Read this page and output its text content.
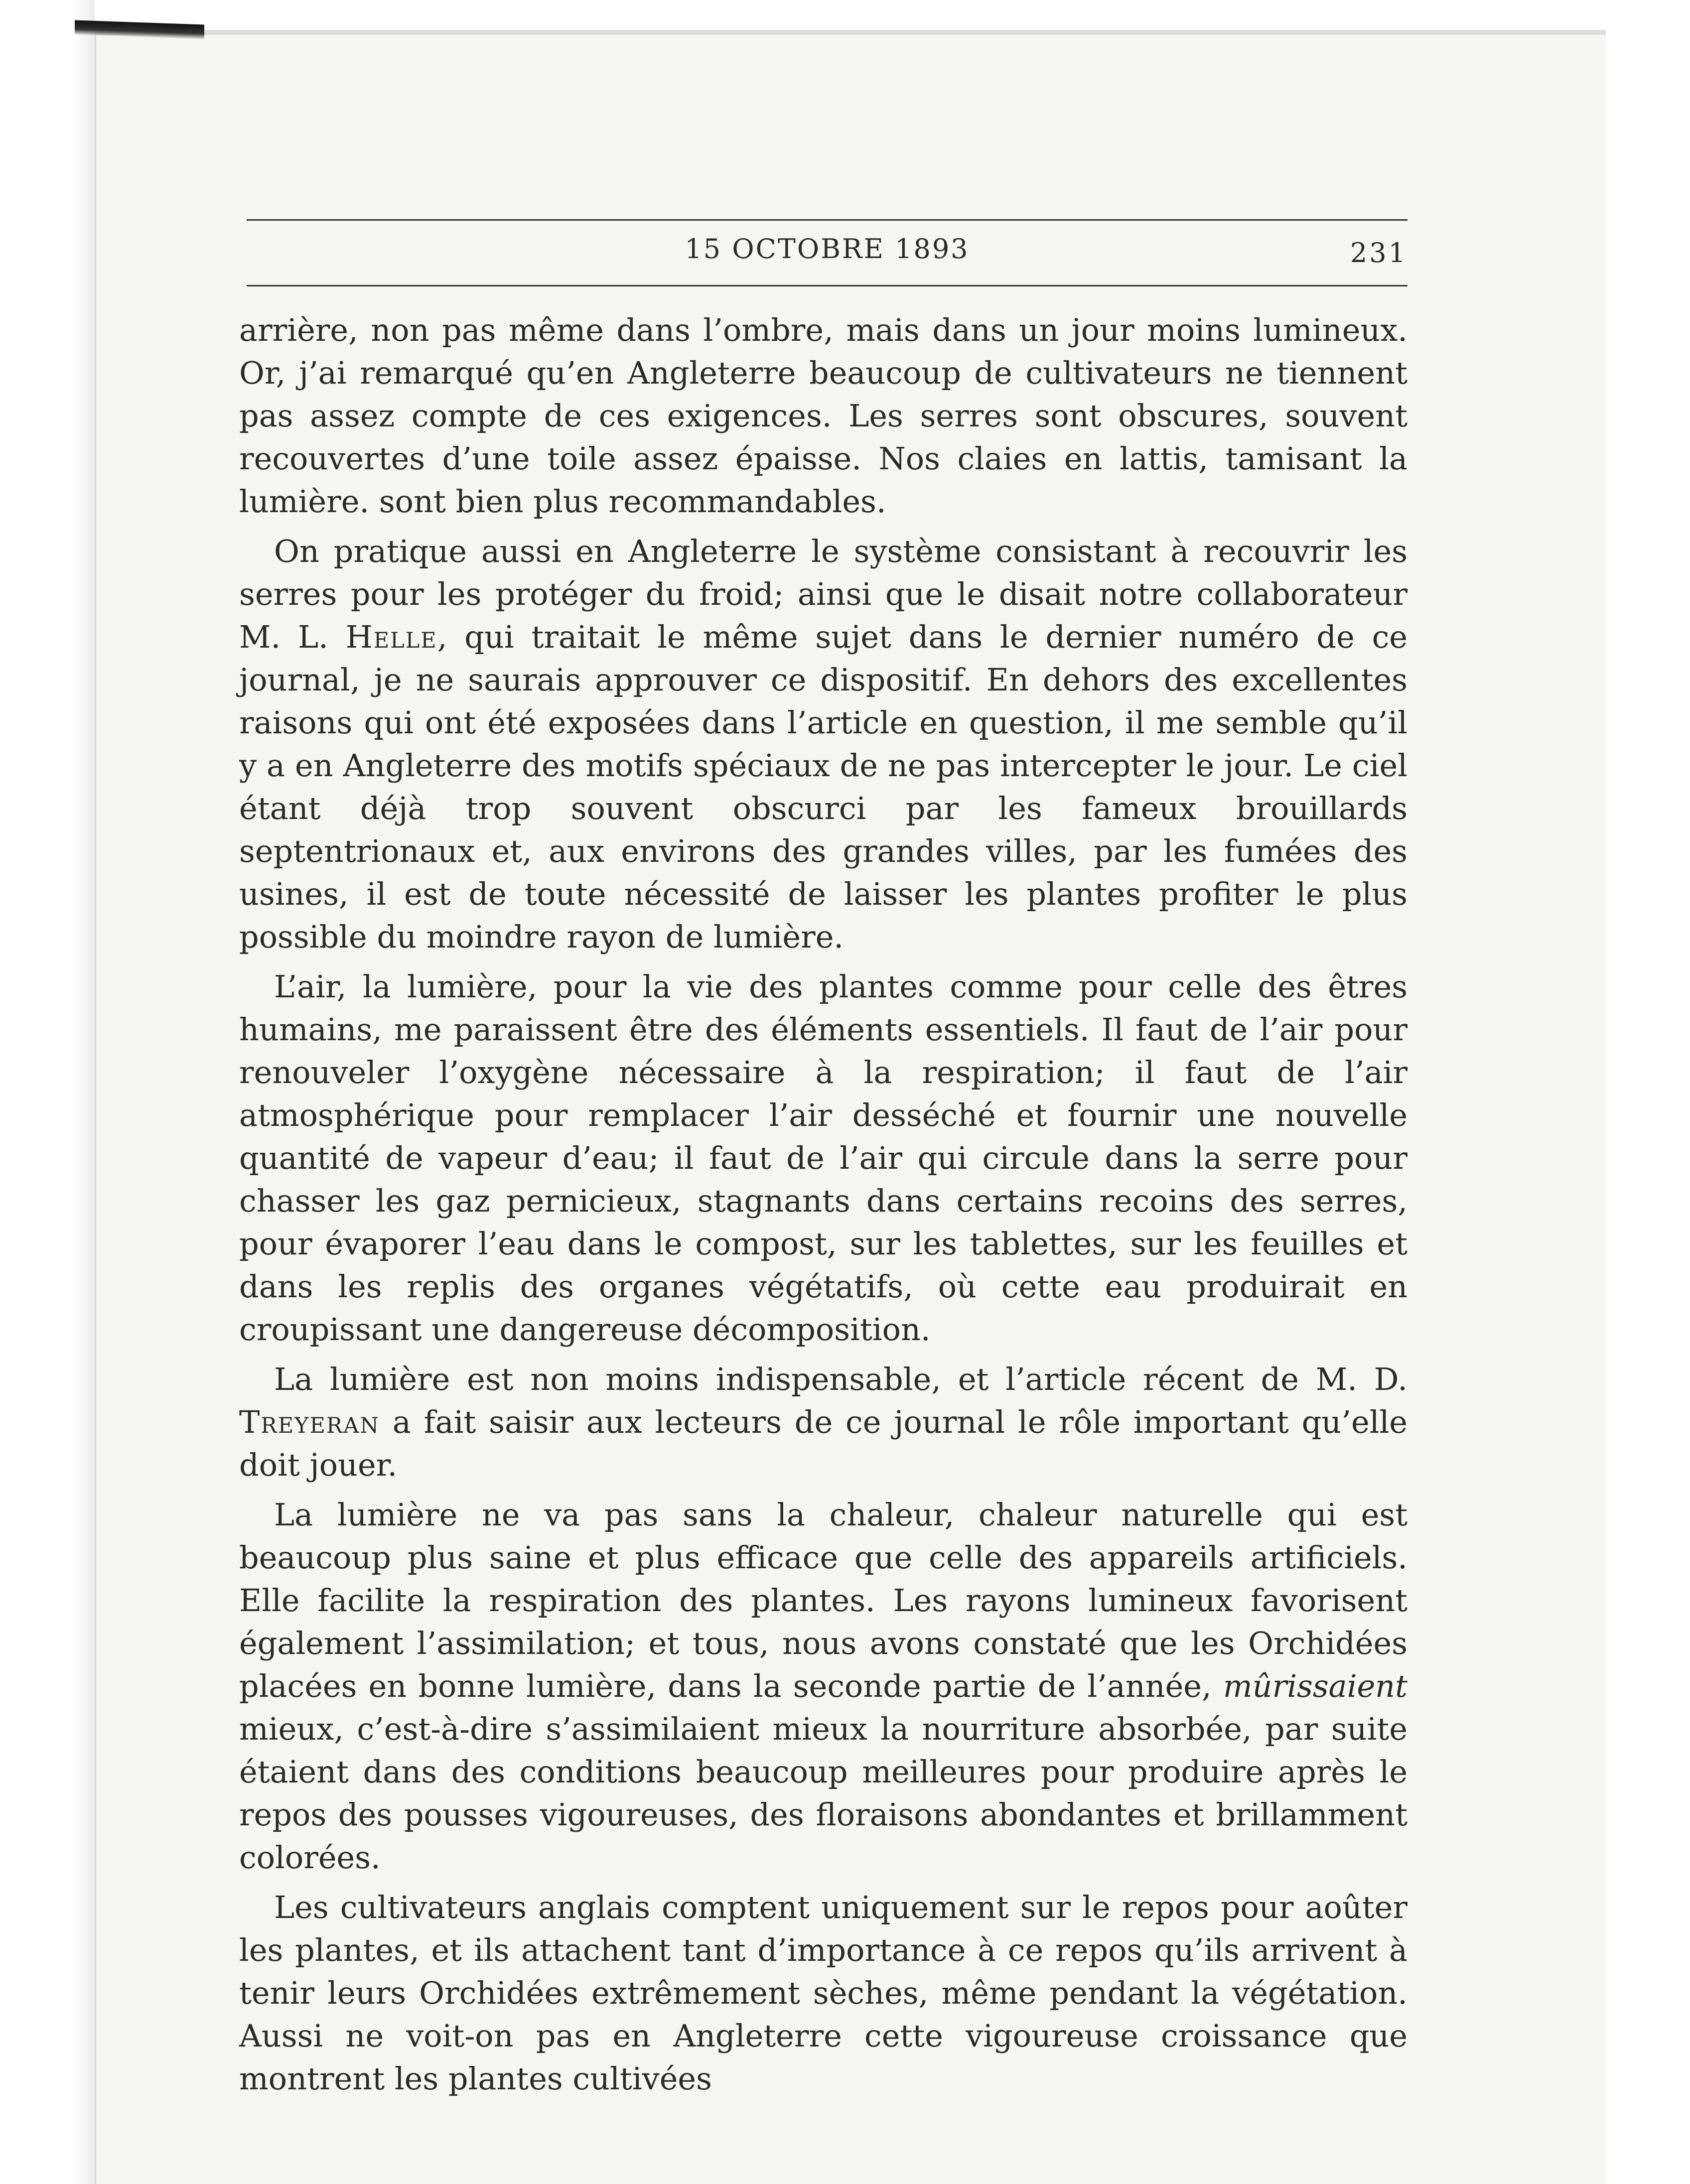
15 OCTOBRE 1893	231

arrière, non pas même dans l’ombre, mais dans un jour moins lumineux. Or, j’ai remarqué qu’en Angleterre beaucoup de cultivateurs ne tiennent pas assez compte de ces exigences. Les serres sont obscures, souvent recouvertes d’une toile assez épaisse. Nos claies en lattis, tamisant la lumière. sont bien plus recommandables.

On pratique aussi en Angleterre le système consistant à recouvrir les serres pour les protéger du froid; ainsi que le disait notre collaborateur M. L. Helle, qui traitait le même sujet dans le dernier numéro de ce journal, je ne saurais approuver ce dispositif. En dehors des excellentes raisons qui ont été exposées dans l’article en question, il me semble qu’il y a en Angleterre des motifs spéciaux de ne pas intercepter le jour. Le ciel étant déjà trop souvent obscurci par les fameux brouillards septentrionaux et, aux environs des grandes villes, par les fumées des usines, il est de toute nécessité de laisser les plantes profiter le plus possible du moindre rayon de lumière.

L’air, la lumière, pour la vie des plantes comme pour celle des êtres humains, me paraissent être des éléments essentiels. Il faut de l’air pour renouveler l’oxygène nécessaire à la respiration; il faut de l’air atmosphérique pour remplacer l’air desséché et fournir une nouvelle quantité de vapeur d’eau; il faut de l’air qui circule dans la serre pour chasser les gaz pernicieux, stagnants dans certains recoins des serres, pour évaporer l’eau dans le compost, sur les tablettes, sur les feuilles et dans les replis des organes végétatifs, où cette eau produirait en croupissant une dangereuse décomposition.

La lumière est non moins indispensable, et l’article récent de M. D. Treyeran a fait saisir aux lecteurs de ce journal le rôle important qu’elle doit jouer.

La lumière ne va pas sans la chaleur, chaleur naturelle qui est beaucoup plus saine et plus efficace que celle des appareils artificiels. Elle facilite la respiration des plantes. Les rayons lumineux favorisent également l’assimilation; et tous, nous avons constaté que les Orchidées placées en bonne lumière, dans la seconde partie de l’année, mûrissaient mieux, c’est-à-dire s’assimilaient mieux la nourriture absorbée, par suite étaient dans des conditions beaucoup meilleures pour produire après le repos des pousses vigoureuses, des floraisons abondantes et brillamment colorées.

Les cultivateurs anglais comptent uniquement sur le repos pour aoûter les plantes, et ils attachent tant d’importance à ce repos qu’ils arrivent à tenir leurs Orchidées extrêmement sèches, même pendant la végétation. Aussi ne voit-on pas en Angleterre cette vigoureuse croissance que montrent les plantes cultivées
